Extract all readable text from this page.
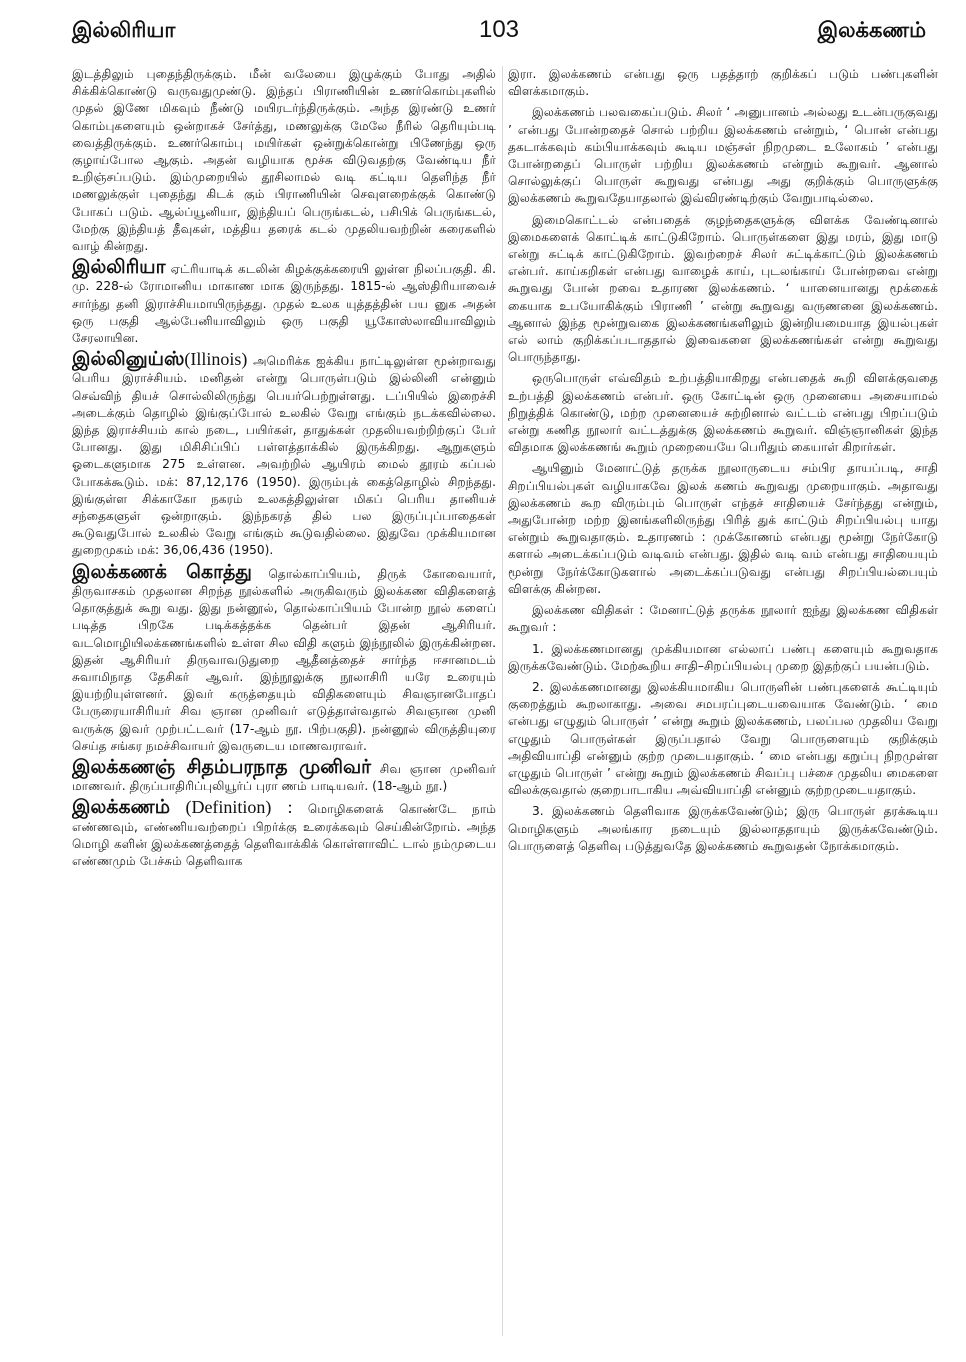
இல்லிரியா	103	இலக்கணம்

இடத்திலும் புதைந்திருக்கும். மீன் வலேயை இழுக்கும் போது அதில் சிக்கிக்கொண்டு வருவதுமுண்டு. இந்தப் பிராணியின் உணர்கொம்புகளில் முதல் இணே மிகவும் நீண்டு மயிரடர்ந்திருக்கும். அந்த இரண்டு உணர் கொம்புகளையும் ஒன்றாகச் சேர்த்து, மணலுக்கு மேலே நீரில் தெரியும்படி வைத்திருக்கும். உணர்கொம்பு மயிர்கள் ஒன்றுக்கொன்று பிணேந்து ஒரு குழாய்போல ஆகும். அதன் வழியாக மூச்சு விடுவதற்கு வேண்டிய நீர் உறிஞ்சப்படும். இம்முறையில் தூசிலாமல் வடி கட்டிய தெளிந்த நீர் மணலுக்குள் புதைந்து கிடக் கும் பிராணியின் செவுளறைக்குக் கொண்டு போகப் படும். ஆல்ப்யூனியா, இந்தியப் பெருங்கடல், பசிபிக் பெருங்கடல், மேற்கு இந்தியத் தீவுகள், மத்திய தரைக் கடல் முதலியவற்றின் கரைகளில் வாழ் கின்றது.

இல்லிரியா ஏட்ரியாடிக் கடலின் கிழக்குக்கரையி லுள்ள நிலப்பகுதி. கி. மு. 228-ல் ரோமானிய மாகாண மாக இருந்தது. 1815-ல் ஆஸ்திரியாவைச் சார்ந்து தனி இராச்சியமாயிருந்தது. முதல் உலக யுத்தத்தின் பய னுக அதன் ஒரு பகுதி ஆல்பேனியாவிலும் ஒரு பகுதி யூகோஸ்லாவியாவிலும் சேரலாயின.

இல்லினுய்ஸ்(Illinois) அமெரிக்க ஐக்கிய நாட்டிலுள்ள மூன்றாவது பெரிய இராச்சியம். மனிதன் என்று பொருள்படும் இல்லினி என்னும் செவ்விந் தியச் சொல்லிலிருந்து பெயர்பெற்றுள்ளது. டப்பியில் இறைச்சி அடைக்கும் தொழில் இங்குப்போல் உலகில் வேறு எங்கும் நடக்கவில்லை. இந்த இராச்சியம் கால் நடை, பயிர்கள், தாதுக்கள் முதலியவற்றிற்குப் பேர் போனது. இது மிசிசிப்பிப் பள்ளத்தாக்கில் இருக்கிறது. ஆறுகளும் ஓடைகளுமாக 275 உள்ளன. அவற்றில் ஆயிரம் மைல் தூரம் கப்பல் போகக்கூடும். மக்: 87,12,176 (1950). இரும்புக் கைத்தொழில் சிறந்தது. இங்குள்ள சிக்காகோ நகரம் உலகத்திலுள்ள மிகப் பெரிய தானியச் சந்தைகளுள் ஒன்றாகும். இந்நகரத் தில் பல இருப்புப்பாதைகள் கூடுவதுபோல் உலகில் வேறு எங்கும் கூடுவதில்லை. இதுவே முக்கியமான துறைமுகம் மக்: 36,06,436 (1950).

இலக்கணக் கொத்து தொல்காப்பியம், திருக் கோவையார், திருவாசகம் முதலான சிறந்த நூல்களில் அருகிவரும் இலக்கண விதிகளைத் தொகுத்துக் கூறு வது. இது நன்னூல், தொல்காப்பியம் போன்ற நூல் களைப் படித்த பிறகே படிக்கத்தக்க தென்பர் இதன் ஆசிரியர். வடமொழியிலக்கணங்களில் உள்ள சில விதி களும் இந்நூலில் இருக்கின்றன. இதன் ஆசிரியர் திருவாவடுதுறை ஆதீனத்தைச் சார்ந்த ஈசானமடம் சுவாமிநாத தேசிகர் ஆவர். இந்நூலுக்கு நூலாசிரி யரே உரையும் இயற்றியுள்ளனர். இவர் கருத்தையும் விதிகளையும் சிவஞானபோதப் பேருரையாசிரியர் சிவ ஞான முனிவர் எடுத்தாள்வதால் சிவஞான முனி வருக்கு இவர் முற்பட்டவர் (17-ஆம் நூ. பிற்பகுதி). நன்னூல் விருத்தியுரை செய்த சங்கர நமச்சிவாயர் இவருடைய மாணவராவர்.

இலக்கணஞ் சிதம்பரநாத முனிவர் சிவ ஞான முனிவர் மாணவர். திருப்பாதிரிப்புலியூர்ப் புரா ணம் பாடியவர். (18-ஆம் நூ.)

இலக்கணம் (Definition) : மொழிகளைக் கொண்டே நாம் எண்ணவும், எண்ணியவற்றைப் பிறர்க்கு உரைக்கவும் செய்கின்றோம். அந்த மொழி களின் இலக்கணத்தைத் தெளிவாக்கிக் கொள்ளாவிட் டால் நம்முடைய எண்ணமும் பேச்சும் தெளிவாக

இரா. இலக்கணம் என்பது ஒரு பதத்தாற் குறிக்கப் படும் பண்புகளின் விளக்கமாகும்.

இலக்கணம் பலவகைப்படும். சிலர் ‘ அனுபானம் அல்லது உடன்பருகுவது ’ என்பது போன்றதைச் சொல் பற்றிய இலக்கணம் என்றும், ‘ பொன் என்பது தகடாக்கவும் கம்பியாக்கவும் கூடிய மஞ்சள் நிறமுடை உலோகம் ’ என்பது போன்றதைப் பொருள் பற்றிய இலக்கணம் என்றும் கூறுவர். ஆனால் சொல்லுக்குப் பொருள் கூறுவது என்பது அது குறிக்கும் பொருளுக்கு இலக்கணம் கூறுவதேயாதலால் இவ்விரண்டிற்கும் வேறுபாடில்லை.

இமைகொட்டல் என்பதைக் குழந்தைகளுக்கு விளக்க வேண்டினால் இமைகளைக் கொட்டிக் காட்டுகிறோம். பொருள்களை இது மரம், இது மாடு என்று சுட்டிக் காட்டுகிறோம். இவற்றைச் சிலர் சுட்டிக்காட்டும் இலக்கணம் என்பர். காய்கறிகள் என்பது வாழைக் காய், புடலங்காய் போன்றவை என்று கூறுவது போன் றவை உதாரண இலக்கணம். ‘ யானையானது மூக்கைக் கையாக உபயோகிக்கும் பிராணி ’ என்று கூறுவது வருணனை இலக்கணம். ஆனால் இந்த மூன்றுவகை இலக்கணங்களிலும் இன்றியமையாத இயல்புகள் எல் லாம் குறிக்கப்படாததால் இவைகளை இலக்கணங்கள் என்று கூறுவது பொருந்தாது.

ஒருபொருள் எவ்விதம் உற்பத்தியாகிறது என்பதைக் கூறி விளக்குவதை உற்பத்தி இலக்கணம் என்பர். ஒரு கோட்டின் ஒரு முனையை அசையாமல் நிறுத்திக் கொண்டு, மற்ற முனையைச் சுற்றினால் வட்டம் என்பது பிறப்படும் என்று கணித நூலார் வட்டத்துக்கு இலக்கணம் கூறுவர். விஞ்ஞானிகள் இந்த விதமாக இலக்கணங் கூறும் முறையையே பெரிதும் கையாள் கிறார்கள்.

ஆயினும் மேனாட்டுத் தருக்க நூலாருடைய சம்பிர தாயப்படி, சாதி சிறப்பியல்புகள் வழியாகவே இலக் கணம் கூறுவது முறையாகும். அதாவது இலக்கணம் கூற விரும்பும் பொருள் எந்தச் சாதியைச் சேர்ந்தது என்றும், அதுபோன்ற மற்ற இனங்களிலிருந்து பிரித் துக் காட்டும் சிறப்பியல்பு யாது என்றும் கூறுவதாகும். உதாரணம் : முக்கோணம் என்பது மூன்று நேர்கோடு களால் அடைக்கப்படும் வடிவம் என்பது. இதில் வடி வம் என்பது சாதியையும் மூன்று நேர்க்கோடுகளால் அடைக்கப்படுவது என்பது சிறப்பியல்பையும் விளக்கு கின்றன.

இலக்கண விதிகள் : மேனாட்டுத் தருக்க நூலார் ஐந்து இலக்கண விதிகள் கூறுவர் :

1. இலக்கணமானது முக்கியமான எல்லாப் பண்பு களையும் கூறுவதாக இருக்கவேண்டும். மேற்கூறிய சாதி–சிறப்பியல்பு முறை இதற்குப் பயன்படும்.

2. இலக்கணமானது இலக்கியமாகிய பொருளின் பண்புகளைக் கூட்டியும் குறைத்தும் கூறலாகாது. அவை சமபரப்புடையவையாக வேண்டும். ‘ மை என்பது எழுதும் பொருள் ’ என்று கூறும் இலக்கணம், பலப்பல முதலிய வேறு எழுதும் பொருள்கள் இருப்பதால் வேறு பொருளையும் குறிக்கும் அதிவியாப்தி என்னும் குற்ற முடையதாகும். ‘ மை என்பது கறுப்பு நிறமுள்ள எழுதும் பொருள் ’ என்று கூறும் இலக்கணம் சிவப்பு பச்சை முதலிய மைகளை விலக்குவதால் குறைபாடாகிய அவ்வியாப்தி என்னும் குற்றமுடையதாகும்.

3. இலக்கணம் தெளிவாக இருக்கவேண்டும்; இரு பொருள் தரக்கூடிய மொழிகளும் அலங்கார நடையும் இல்லாததாயும் இருக்கவேண்டும். பொருளைத் தெளிவு படுத்துவதே இலக்கணம் கூறுவதன் நோக்கமாகும்.
